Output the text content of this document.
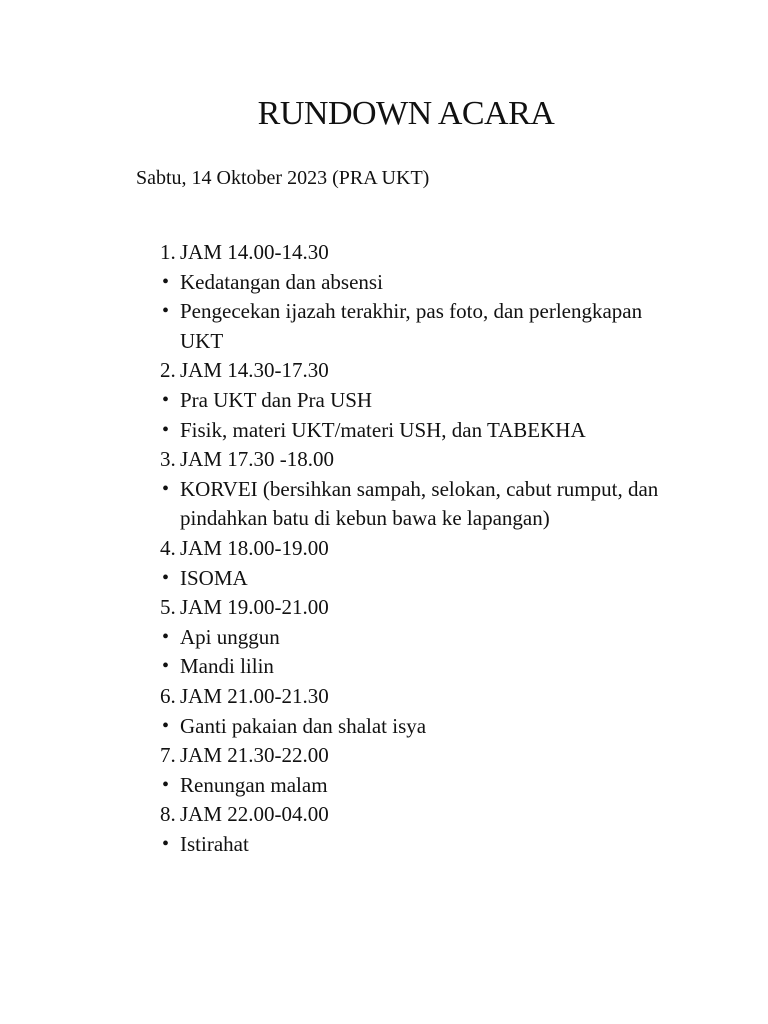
RUNDOWN ACARA

Sabtu, 14 Oktober 2023 (PRA UKT)

1. JAM 14.00-14.30
• Kedatangan dan absensi
• Pengecekan ijazah terakhir, pas foto, dan perlengkapan UKT
2. JAM 14.30-17.30
• Pra UKT dan Pra USH
• Fisik, materi UKT/materi USH, dan TABEKHA
3. JAM 17.30 -18.00
• KORVEI (bersihkan sampah, selokan, cabut rumput, dan pindahkan batu di kebun bawa ke lapangan)
4. JAM 18.00-19.00
• ISOMA
5. JAM 19.00-21.00
• Api unggun
• Mandi lilin
6. JAM 21.00-21.30
• Ganti pakaian dan shalat isya
7. JAM 21.30-22.00
• Renungan malam
8. JAM 22.00-04.00
• Istirahat
